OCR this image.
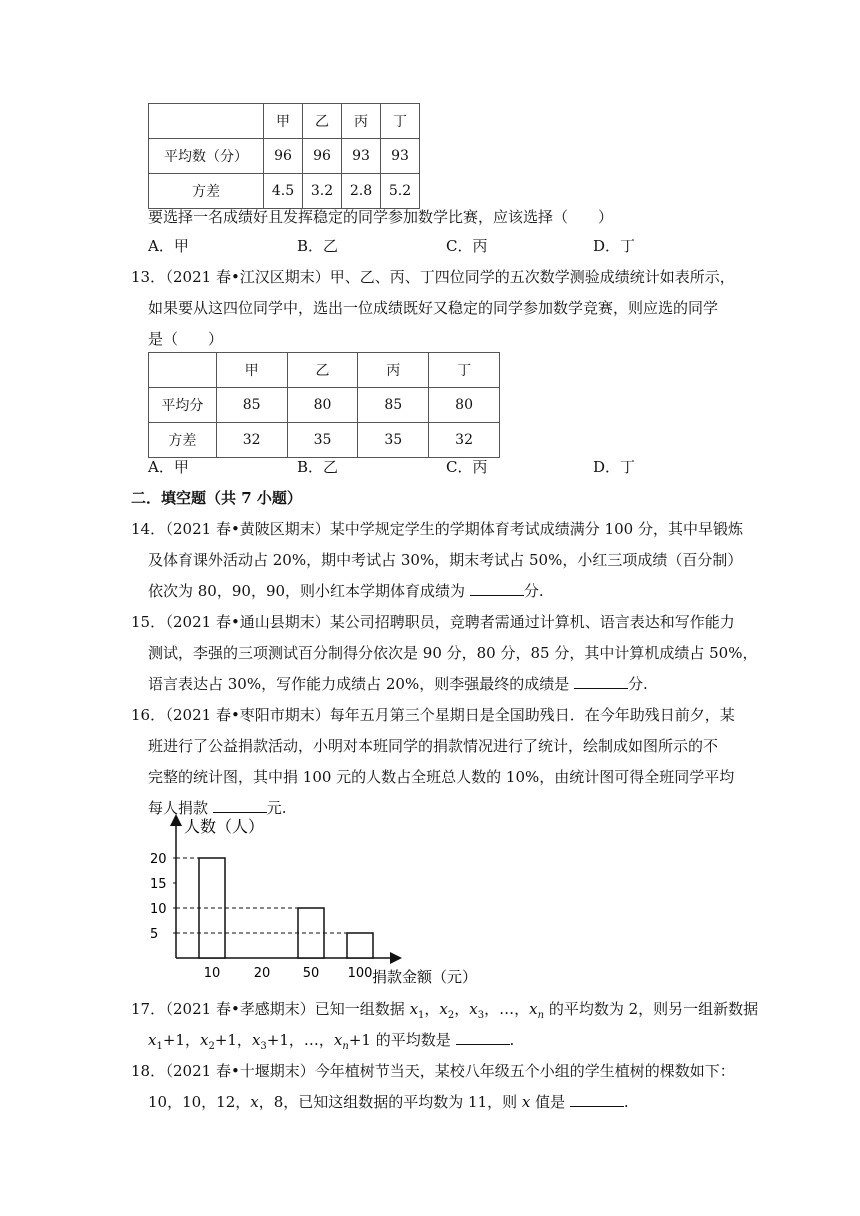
	甲	乙	丙	丁
平均数（分）	96	96	93	93
方差	4.5	3.2	2.8	5.2
要选择一名成绩好且发挥稳定的同学参加数学比赛，应该选择（　　）
A．甲	B．乙	C．丙	D．丁
13．
（2021 春•江汉区期末）甲、乙、丙、丁四位同学的五次数学测验成绩统计如表所示，
如果要从这四位同学中，选出一位成绩既好又稳定的同学参加数学竞赛，则应选的同学
是（　　）
	甲	乙	丙	丁
平均分	85	80	85	80
方差	32	35	35	32
A．甲	B．乙	C．丙	D．丁
二．填空题（共 7 小题）
14．
（2021 春•黄陂区期末）某中学规定学生的学期体育考试成绩满分 100 分，其中早锻炼
及体育课外活动占 20%，期中考试占 30%，期末考试占 50%，小红三项成绩（百分制）
依次为 80，90，90，则小红本学期体育成绩为	分.
15．
（2021 春•通山县期末）某公司招聘职员，竞聘者需通过计算机、语言表达和写作能力
测试，李强的三项测试百分制得分依次是 90 分，80 分，85 分，其中计算机成绩占 50%，
语言表达占 30%，写作能力成绩占 20%，则李强最终的成绩是	分.
16．
（2021 春•枣阳市期末）每年五月第三个星期日是全国助残日．在今年助残日前夕，某
班进行了公益捐款活动，小明对本班同学的捐款情况进行了统计，绘制成如图所示的不
完整的统计图，其中捐 100 元的人数占全班总人数的 10%，由统计图可得全班同学平均
每人捐款	元.
人数（人）
捐款金额（元）
5
10
15
20
10	20 50 100
17．
（2021 春•孝感期末）已知一组数据 $x_1$，$x_2$，$x_3$，…，$x_n$ 的平均数为 2，则另一组新数据
$x_1+1$，$x_2+1$，$x_3+1$，…，$x_n+1$ 的平均数是	.
18．
（2021 春•十堰期末）今年植树节当天，某校八年级五个小组的学生植树的棵数如下：
10，10，12，x，8，已知这组数据的平均数为 11，则 x 值是	.
